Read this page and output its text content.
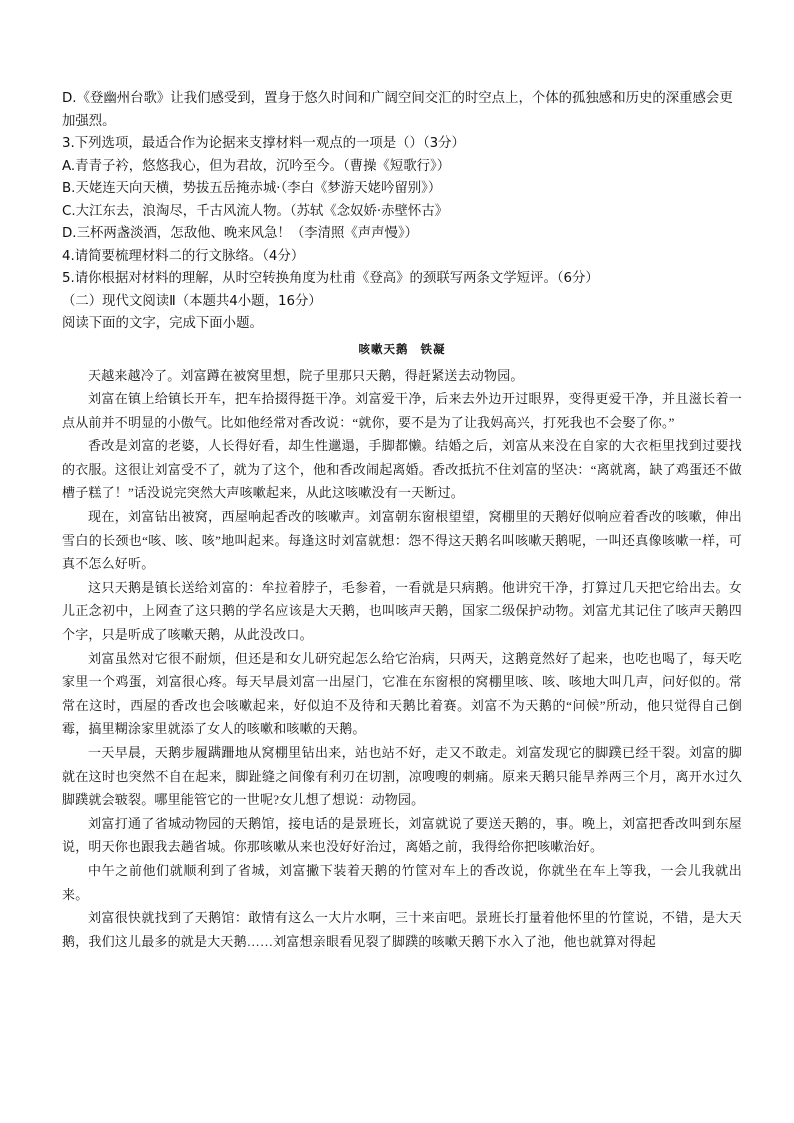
D.《登幽州台歌》让我们感受到，置身于悠久时间和广阔空间交汇的时空点上，个体的孤独感和历史的深重感会更加强烈。

3.下列选项，最适合作为论据来支撑材料一观点的一项是（）（3分）

A.青青子衿，悠悠我心，但为君故，沉吟至今。（曹操《短歌行》）

B.天姥连天向天横，势拔五岳掩赤城·（李白《梦游天姥吟留别》）

C.大江东去，浪淘尽，千古风流人物。（苏轼《念奴娇·赤壁怀古》

D.三杯两盏淡酒，怎敌他、晚来风急！（李清照《声声慢》）

4.请简要梳理材料二的行文脉络。（4分）

5.请你根据对材料的理解，从时空转换角度为杜甫《登高》的颈联写两条文学短评。（6分）

（二）现代文阅读Ⅱ（本题共4小题，16分）

阅读下面的文字，完成下面小题。

咳嗽天鹅 铁凝

天越来越冷了。刘富蹲在被窝里想，院子里那只天鹅，得赶紧送去动物园。

刘富在镇上给镇长开车，把车拾掇得挺干净。刘富爱干净，后来去外边开过眼界，变得更爱干净，并且滋长着一点从前并不明显的小傲气。比如他经常对香改说：“就你，要不是为了让我妈高兴，打死我也不会娶了你。”

香改是刘富的老婆，人长得好看，却生性邋遢，手脚都懒。结婚之后，刘富从来没在自家的大衣柜里找到过要找的衣服。这很让刘富受不了，就为了这个，他和香改闹起离婚。香改抵抗不住刘富的坚决：“离就离，缺了鸡蛋还不做槽子糕了！”话没说完突然大声咳嗽起来，从此这咳嗽没有一天断过。

现在，刘富钻出被窝，西屋响起香改的咳嗽声。刘富朝东窗根望望，窝棚里的天鹅好似响应着香改的咳嗽，伸出雪白的长颈也“咳、咳、咳”地叫起来。每逢这时刘富就想：怨不得这天鹅名叫咳嗽天鹅呢，一叫还真像咳嗽一样，可真不怎么好听。

这只天鹅是镇长送给刘富的：牟拉着脖子，毛参着，一看就是只病鹅。他讲究干净，打算过几天把它给出去。女儿正念初中，上网查了这只鹅的学名应该是大天鹅，也叫咳声天鹅，国家二级保护动物。刘富尤其记住了咳声天鹅四个字，只是听成了咳嗽天鹅，从此没改口。

刘富虽然对它很不耐烦，但还是和女儿研究起怎么给它治病，只两天，这鹅竟然好了起来，也吃也喝了，每天吃家里一个鸡蛋，刘富很心疼。每天早晨刘富一出屋门，它准在东窗根的窝棚里咳、咳、咳地大叫几声，问好似的。常常在这时，西屋的香改也会咳嗽起来，好似迫不及待和天鹅比着赛。刘富不为天鹅的“问候”所动，他只觉得自己倒霉，搞里糊涂家里就添了女人的咳嗽和咳嗽的天鹅。

一天早晨，天鹅步履蹒跚地从窝棚里钻出来，站也站不好，走又不敢走。刘富发现它的脚蹼已经干裂。刘富的脚就在这时也突然不自在起来，脚趾缝之间像有利刃在切割，凉嗖嗖的刺痛。原来天鹅只能旱养两三个月，离开水过久脚蹼就会皲裂。哪里能管它的一世呢?女儿想了想说：动物园。

刘富打通了省城动物园的天鹅馆，接电话的是景班长，刘富就说了要送天鹅的，事。晚上，刘富把香改叫到东屋说，明天你也跟我去趟省城。你那咳嗽从来也没好好治过，离婚之前，我得给你把咳嗽治好。

中午之前他们就顺利到了省城，刘富撇下装着天鹅的竹筐对车上的香改说，你就坐在车上等我，一会儿我就出来。

刘富很快就找到了天鹅馆：敢情有这么一大片水啊，三十来亩吧。景班长打量着他怀里的竹筐说，不错，是大天鹅，我们这儿最多的就是大天鹅……刘富想亲眼看见裂了脚蹼的咳嗽天鹅下水入了池，他也就算对得起
